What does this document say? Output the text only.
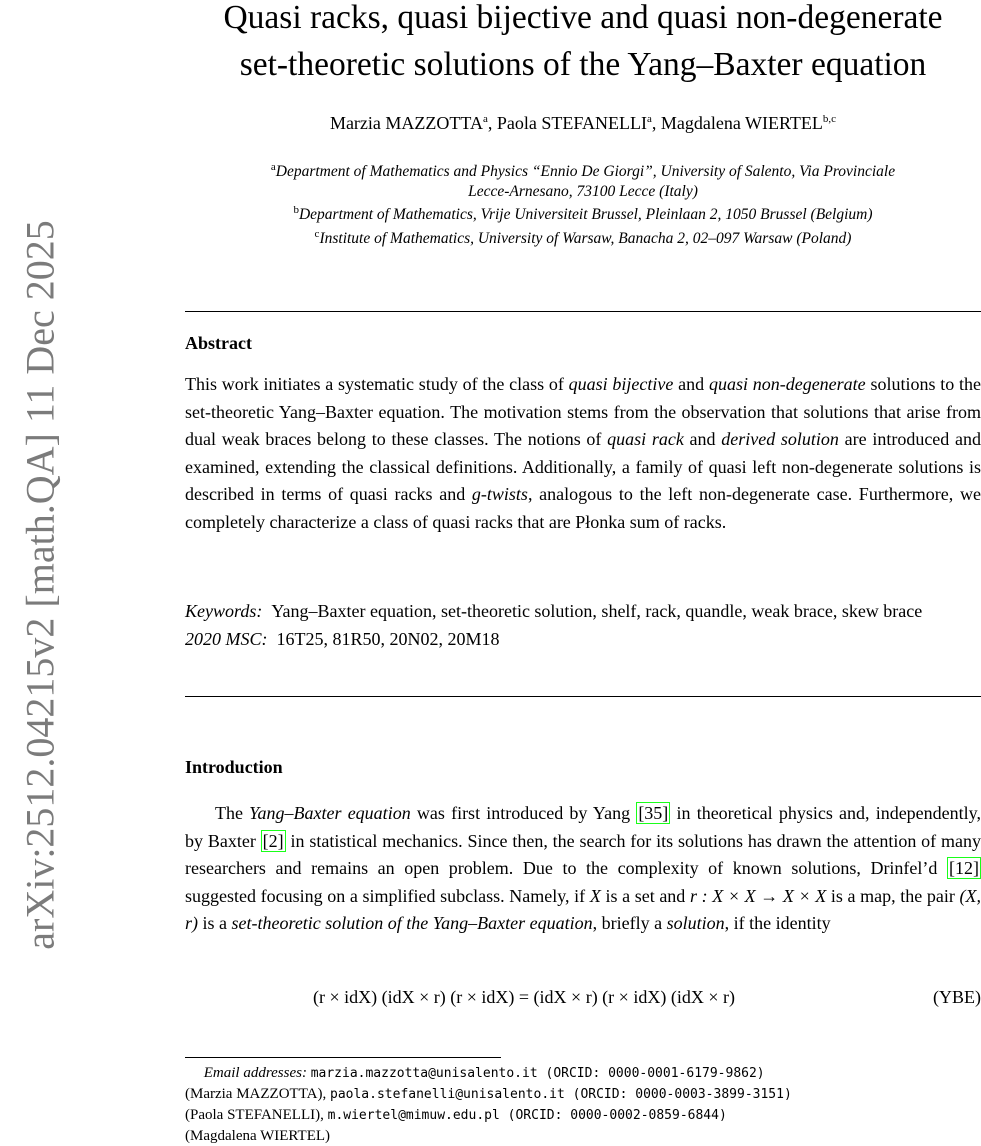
arXiv:2512.04215v2 [math.QA] 11 Dec 2025
Quasi racks, quasi bijective and quasi non-degenerate
set-theoretic solutions of the Yang–Baxter equation
Marzia MAZZOTTA$^a$, Paola STEFANELLI$^a$, Magdalena WIERTEL$^{b,c}$
$^a$Department of Mathematics and Physics “Ennio De Giorgi”, University of Salento, Via Provinciale
Lecce-Arnesano, 73100 Lecce (Italy)
$^b$Department of Mathematics, Vrije Universiteit Brussel, Pleinlaan 2, 1050 Brussel (Belgium)
$^c$Institute of Mathematics, University of Warsaw, Banacha 2, 02–097 Warsaw (Poland)
Abstract

This work initiates a systematic study of the class of quasi bijective and quasi non-degenerate solutions to the set-theoretic Yang–Baxter equation. The motivation stems from the observation that solutions that arise from dual weak braces belong to these classes. The notions of quasi rack and derived solution are introduced and examined, extending the classical definitions. Additionally, a family of quasi left non-degenerate solutions is described in terms of quasi racks and g-twists, analogous to the left non-degenerate case. Furthermore, we completely characterize a class of quasi racks that are Płonka sum of racks.

Keywords: Yang–Baxter equation, set-theoretic solution, shelf, rack, quandle, weak brace, skew brace
2020 MSC: 16T25, 81R50, 20N02, 20M18
Introduction

The Yang–Baxter equation was first introduced by Yang [35] in theoretical physics and, independently, by Baxter [2] in statistical mechanics. Since then, the search for its solutions has drawn the attention of many researchers and remains an open problem. Due to the complexity of known solutions, Drinfel’d [12] suggested focusing on a simplified subclass. Namely, if X is a set and r : X × X → X × X is a map, the pair (X, r) is a set-theoretic solution of the Yang–Baxter equation, briefly a solution, if the identity

(r × idX) (idX × r) (r × idX) = (idX × r) (r × idX) (idX × r)	(YBE)
Email addresses: marzia.mazzotta@unisalento.it (ORCID: 0000-0001-6179-9862)
(Marzia MAZZOTTA), paola.stefanelli@unisalento.it (ORCID: 0000-0003-3899-3151)
(Paola STEFANELLI), m.wiertel@mimuw.edu.pl (ORCID: 0000-0002-0859-6844)
(Magdalena WIERTEL)
